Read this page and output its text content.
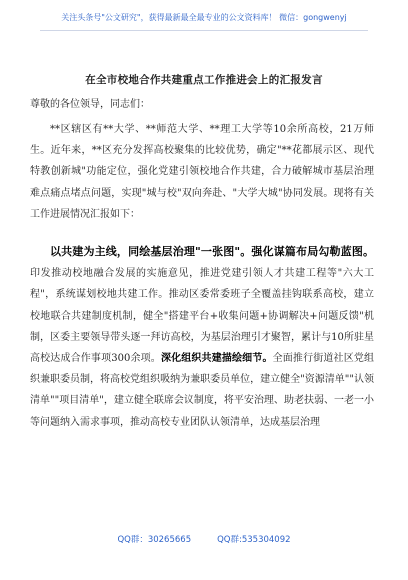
关注头条号"公文研究"，获得最新最全最专业的公文资料库！ 微信：gongwenyj
在全市校地合作共建重点工作推进会上的汇报发言
尊敬的各位领导，同志们：

**区辖区有**大学、**师范大学、**理工大学等10余所高校，21万师生。近年来，**区充分发挥高校聚集的比较优势，确定"**花都展示区、现代特教创新城"功能定位，强化党建引领校地合作共建，合力破解城市基层治理难点痛点堵点问题，实现"城与校"双向奔赴、"大学大城"协同发展。现将有关工作进展情况汇报如下：

以共建为主线，同绘基层治理"一张图"。强化谋篇布局勾勒蓝图。印发推动校地融合发展的实施意见，推进党建引领人才共建工程等"六大工程"，系统谋划校地共建工作。推动区委常委班子全覆盖挂钩联系高校，建立校地联合共建制度机制，健全"搭建平台+收集问题+协调解决+问题反馈"机制，区委主要领导带头逐一拜访高校，为基层治理引才聚智，累计与10所驻星高校达成合作事项300余项。深化组织共建描绘细节。全面推行街道社区党组织兼职委员制，将高校党组织吸纳为兼职委员单位，建立健全"资源清单""认领清单""项目清单"，建立健全联席会议制度，将平安治理、助老扶弱、一老一小等问题纳入需求事项，推动高校专业团队认领清单，达成基层治理

QQ群：30265665	QQ群:535304092
